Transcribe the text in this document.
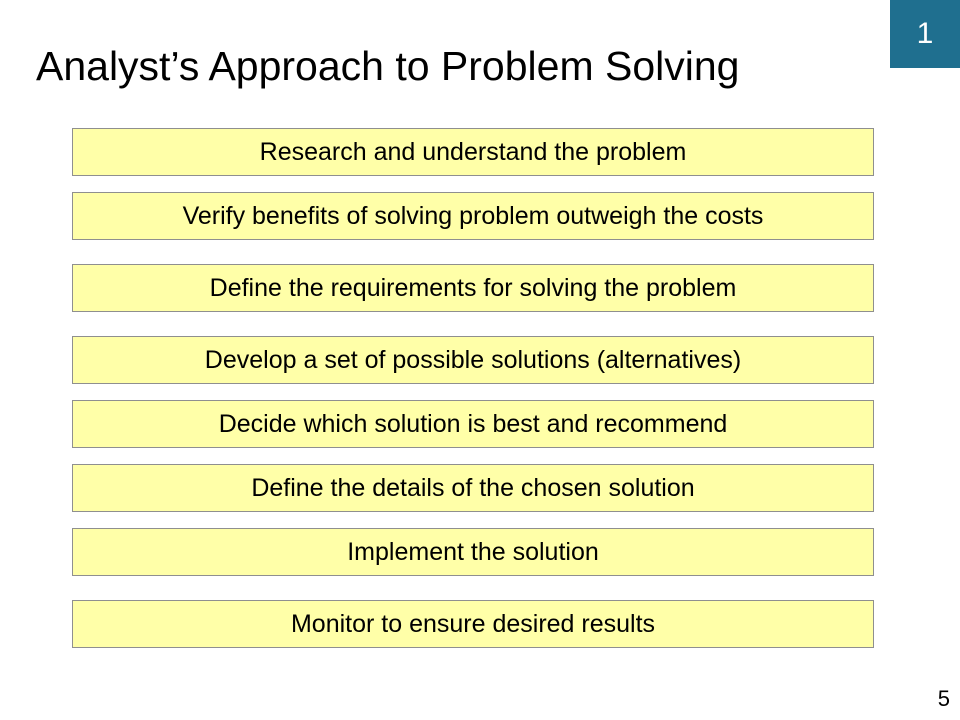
1
Analyst’s Approach to Problem Solving
Research and understand the problem
Verify benefits of solving problem outweigh the costs
Define the requirements for solving the problem
Develop a set of possible solutions (alternatives)
Decide which solution is best and recommend
Define the details of the chosen solution
Implement the solution
Monitor to ensure desired results
5
